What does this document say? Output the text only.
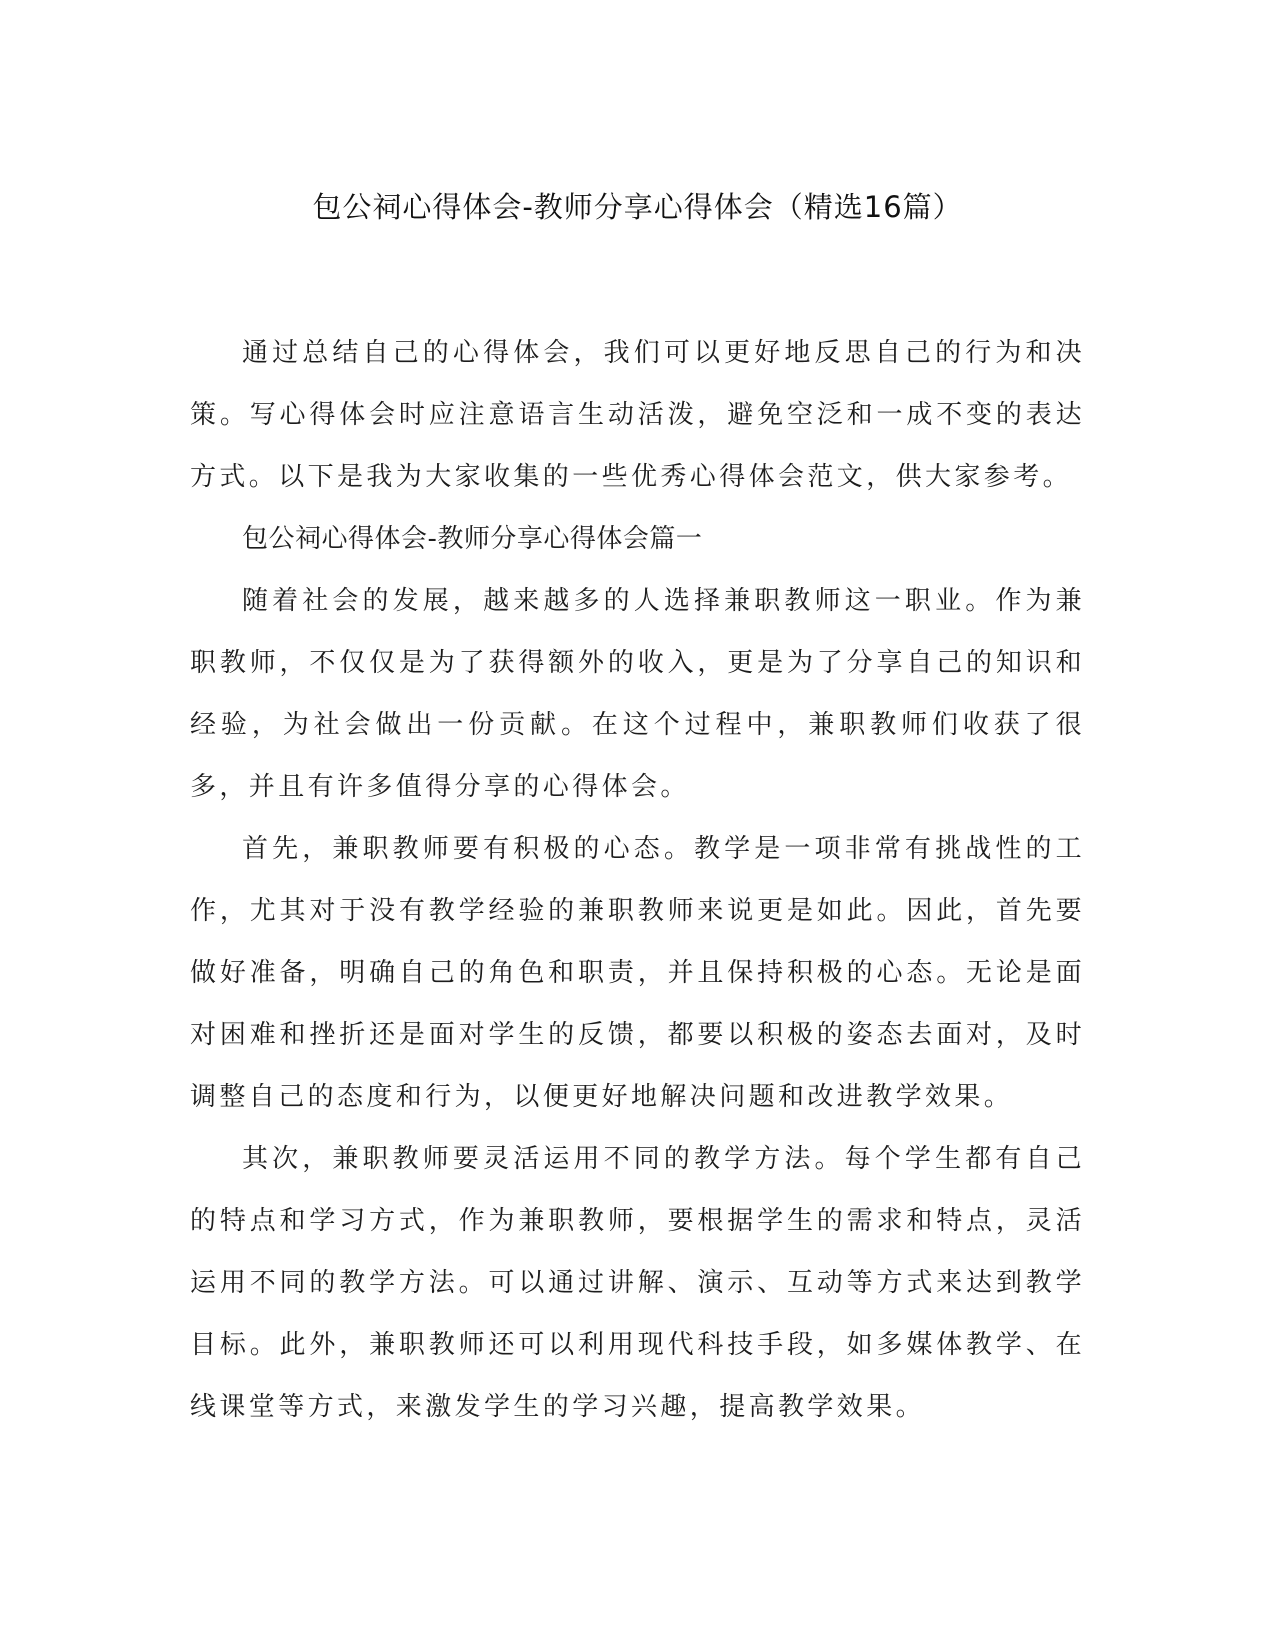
包公祠心得体会-教师分享心得体会（精选16篇）

通过总结自己的心得体会，我们可以更好地反思自己的行为和决策。写心得体会时应注意语言生动活泼，避免空泛和一成不变的表达方式。以下是我为大家收集的一些优秀心得体会范文，供大家参考。

包公祠心得体会-教师分享心得体会篇一

随着社会的发展，越来越多的人选择兼职教师这一职业。作为兼职教师，不仅仅是为了获得额外的收入，更是为了分享自己的知识和经验，为社会做出一份贡献。在这个过程中，兼职教师们收获了很多，并且有许多值得分享的心得体会。

首先，兼职教师要有积极的心态。教学是一项非常有挑战性的工作，尤其对于没有教学经验的兼职教师来说更是如此。因此，首先要做好准备，明确自己的角色和职责，并且保持积极的心态。无论是面对困难和挫折还是面对学生的反馈，都要以积极的姿态去面对，及时调整自己的态度和行为，以便更好地解决问题和改进教学效果。

其次，兼职教师要灵活运用不同的教学方法。每个学生都有自己的特点和学习方式，作为兼职教师，要根据学生的需求和特点，灵活运用不同的教学方法。可以通过讲解、演示、互动等方式来达到教学目标。此外，兼职教师还可以利用现代科技手段，如多媒体教学、在线课堂等方式，来激发学生的学习兴趣，提高教学效果。
